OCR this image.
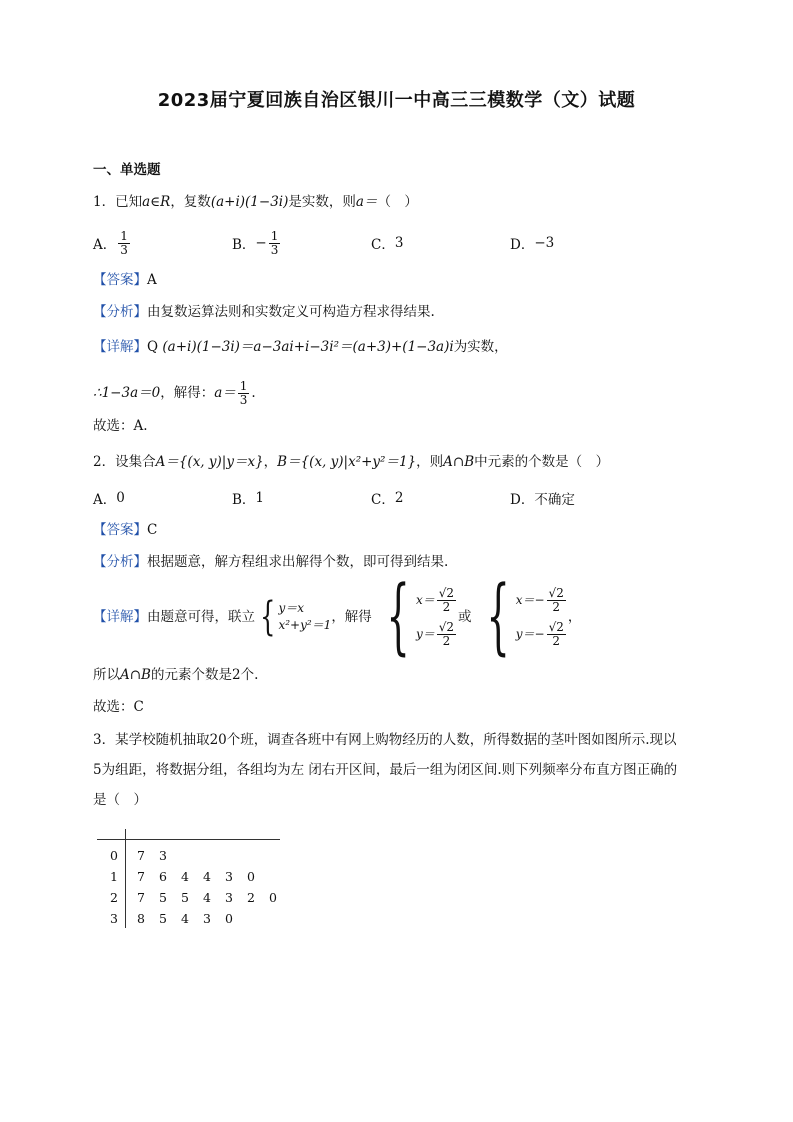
2023届宁夏回族自治区银川一中高三三模数学（文）试题
一、单选题
1．已知a∈R，复数(a+i)(1−3i)是实数，则a＝（　）
A． $\frac{1}{3}$	B． − $\frac{1}{3}$	C． 3	D． −3
【答案】A
【分析】由复数运算法则和实数定义可构造方程求得结果.
【详解】Q (a+i)(1−3i)＝a−3ai+i−3i²＝(a+3)+(1−3a)i为实数，
∴1−3a＝0 ，解得： $a= \frac{1}{3}$ .
故选：A.
2．设集合A＝{(x, y)|y＝x}，B＝{(x, y)|x²+y²＝1}，则A∩B中元素的个数是（　）
A． 0	B． 1	C． 2	D． 不确定
【答案】C
【分析】根据题意，解方程组求出解得个数，即可得到结果.
【详解】 由题意可得，联立 { y＝x
x²+y²＝1 ，解得 { $x= \frac{√2}{2}$
$y= \frac{√2}{2}$
或 { $x=- \frac{√2}{2}$
$y=- \frac{√2}{2}$
，
所以A∩B的元素个数是2个.
故选：C
3．某学校随机抽取20个班，调查各班中有网上购物经历的人数，所得数据的茎叶图如图所示.现以
5为组距，将数据分组，各组均为左 闭右开区间，最后一组为闭区间.则下列频率分布直方图正确的
是（　）
0 7 3
1 7 6 4 4 3 0
2 7 5 5 4 3 2 0
3 8 5 4 3 0
